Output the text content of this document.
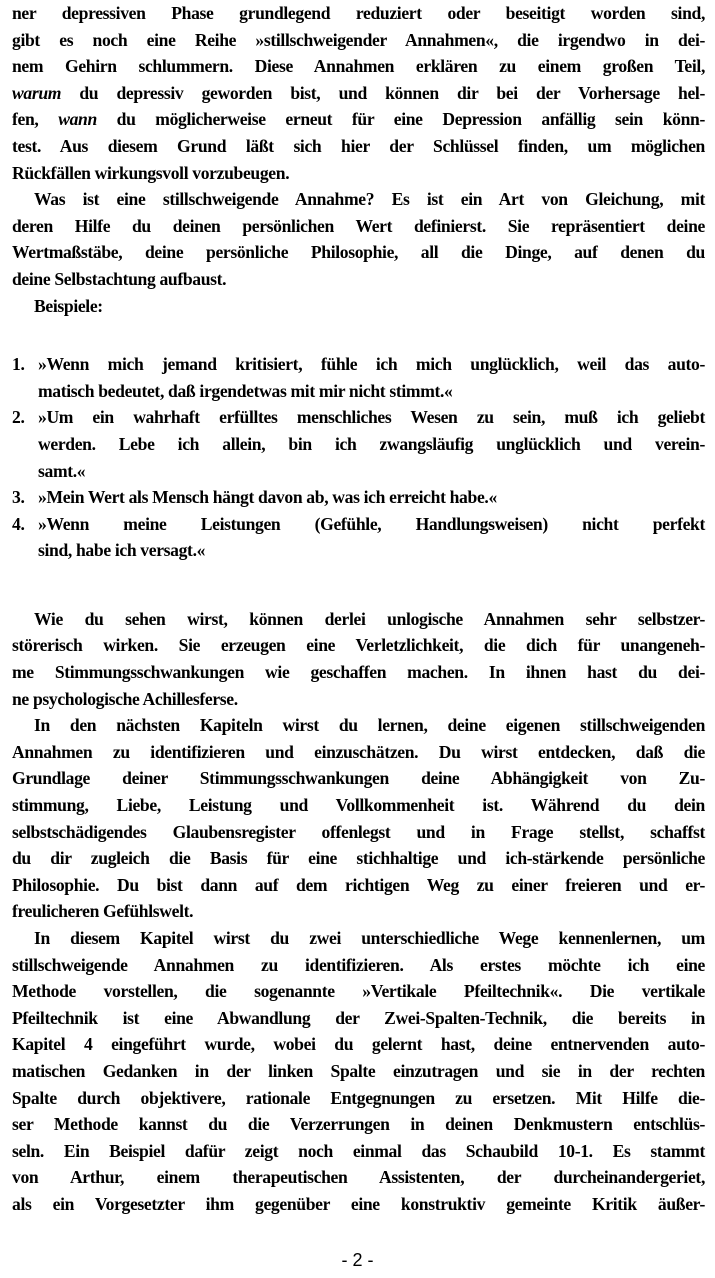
ner depressiven Phase grundlegend reduziert oder beseitigt worden sind,
gibt es noch eine Reihe »stillschweigender Annahmen«, die irgendwo in dei-
nem Gehirn schlummern. Diese Annahmen erklären zu einem großen Teil,
warum du depressiv geworden bist, und können dir bei der Vorhersage hel-
fen, wann du möglicherweise erneut für eine Depression anfällig sein könn-
test. Aus diesem Grund läßt sich hier der Schlüssel finden, um möglichen
Rückfällen wirkungsvoll vorzubeugen.
Was ist eine stillschweigende Annahme? Es ist ein Art von Gleichung, mit
deren Hilfe du deinen persönlichen Wert definierst. Sie repräsentiert deine
Wertmaßstäbe, deine persönliche Philosophie, all die Dinge, auf denen du
deine Selbstachtung aufbaust.
Beispiele:
1. »Wenn mich jemand kritisiert, fühle ich mich unglücklich, weil das auto-
matisch bedeutet, daß irgendetwas mit mir nicht stimmt.«
2. »Um ein wahrhaft erfülltes menschliches Wesen zu sein, muß ich geliebt
werden. Lebe ich allein, bin ich zwangsläufig unglücklich und verein-
samt.«
3. »Mein Wert als Mensch hängt davon ab, was ich erreicht habe.«
4. »Wenn meine Leistungen (Gefühle, Handlungsweisen) nicht perfekt
sind, habe ich versagt.«
Wie du sehen wirst, können derlei unlogische Annahmen sehr selbstzer-
störerisch wirken. Sie erzeugen eine Verletzlichkeit, die dich für unangeneh-
me Stimmungsschwankungen wie geschaffen machen. In ihnen hast du dei-
ne psychologische Achillesferse.
In den nächsten Kapiteln wirst du lernen, deine eigenen stillschweigenden
Annahmen zu identifizieren und einzuschätzen. Du wirst entdecken, daß die
Grundlage deiner Stimmungsschwankungen deine Abhängigkeit von Zu-
stimmung, Liebe, Leistung und Vollkommenheit ist. Während du dein
selbstschädigendes Glaubensregister offenlegst und in Frage stellst, schaffst
du dir zugleich die Basis für eine stichhaltige und ich-stärkende persönliche
Philosophie. Du bist dann auf dem richtigen Weg zu einer freieren und er-
freulicheren Gefühlswelt.
In diesem Kapitel wirst du zwei unterschiedliche Wege kennenlernen, um
stillschweigende Annahmen zu identifizieren. Als erstes möchte ich eine
Methode vorstellen, die sogenannte »Vertikale Pfeiltechnik«. Die vertikale
Pfeiltechnik ist eine Abwandlung der Zwei-Spalten-Technik, die bereits in
Kapitel 4 eingeführt wurde, wobei du gelernt hast, deine entnervenden auto-
matischen Gedanken in der linken Spalte einzutragen und sie in der rechten
Spalte durch objektivere, rationale Entgegnungen zu ersetzen. Mit Hilfe die-
ser Methode kannst du die Verzerrungen in deinen Denkmustern entschlüs-
seln. Ein Beispiel dafür zeigt noch einmal das Schaubild 10-1. Es stammt
von Arthur, einem therapeutischen Assistenten, der durcheinandergeriet,
als ein Vorgesetzter ihm gegenüber eine konstruktiv gemeinte Kritik äußer-
- 2 -
